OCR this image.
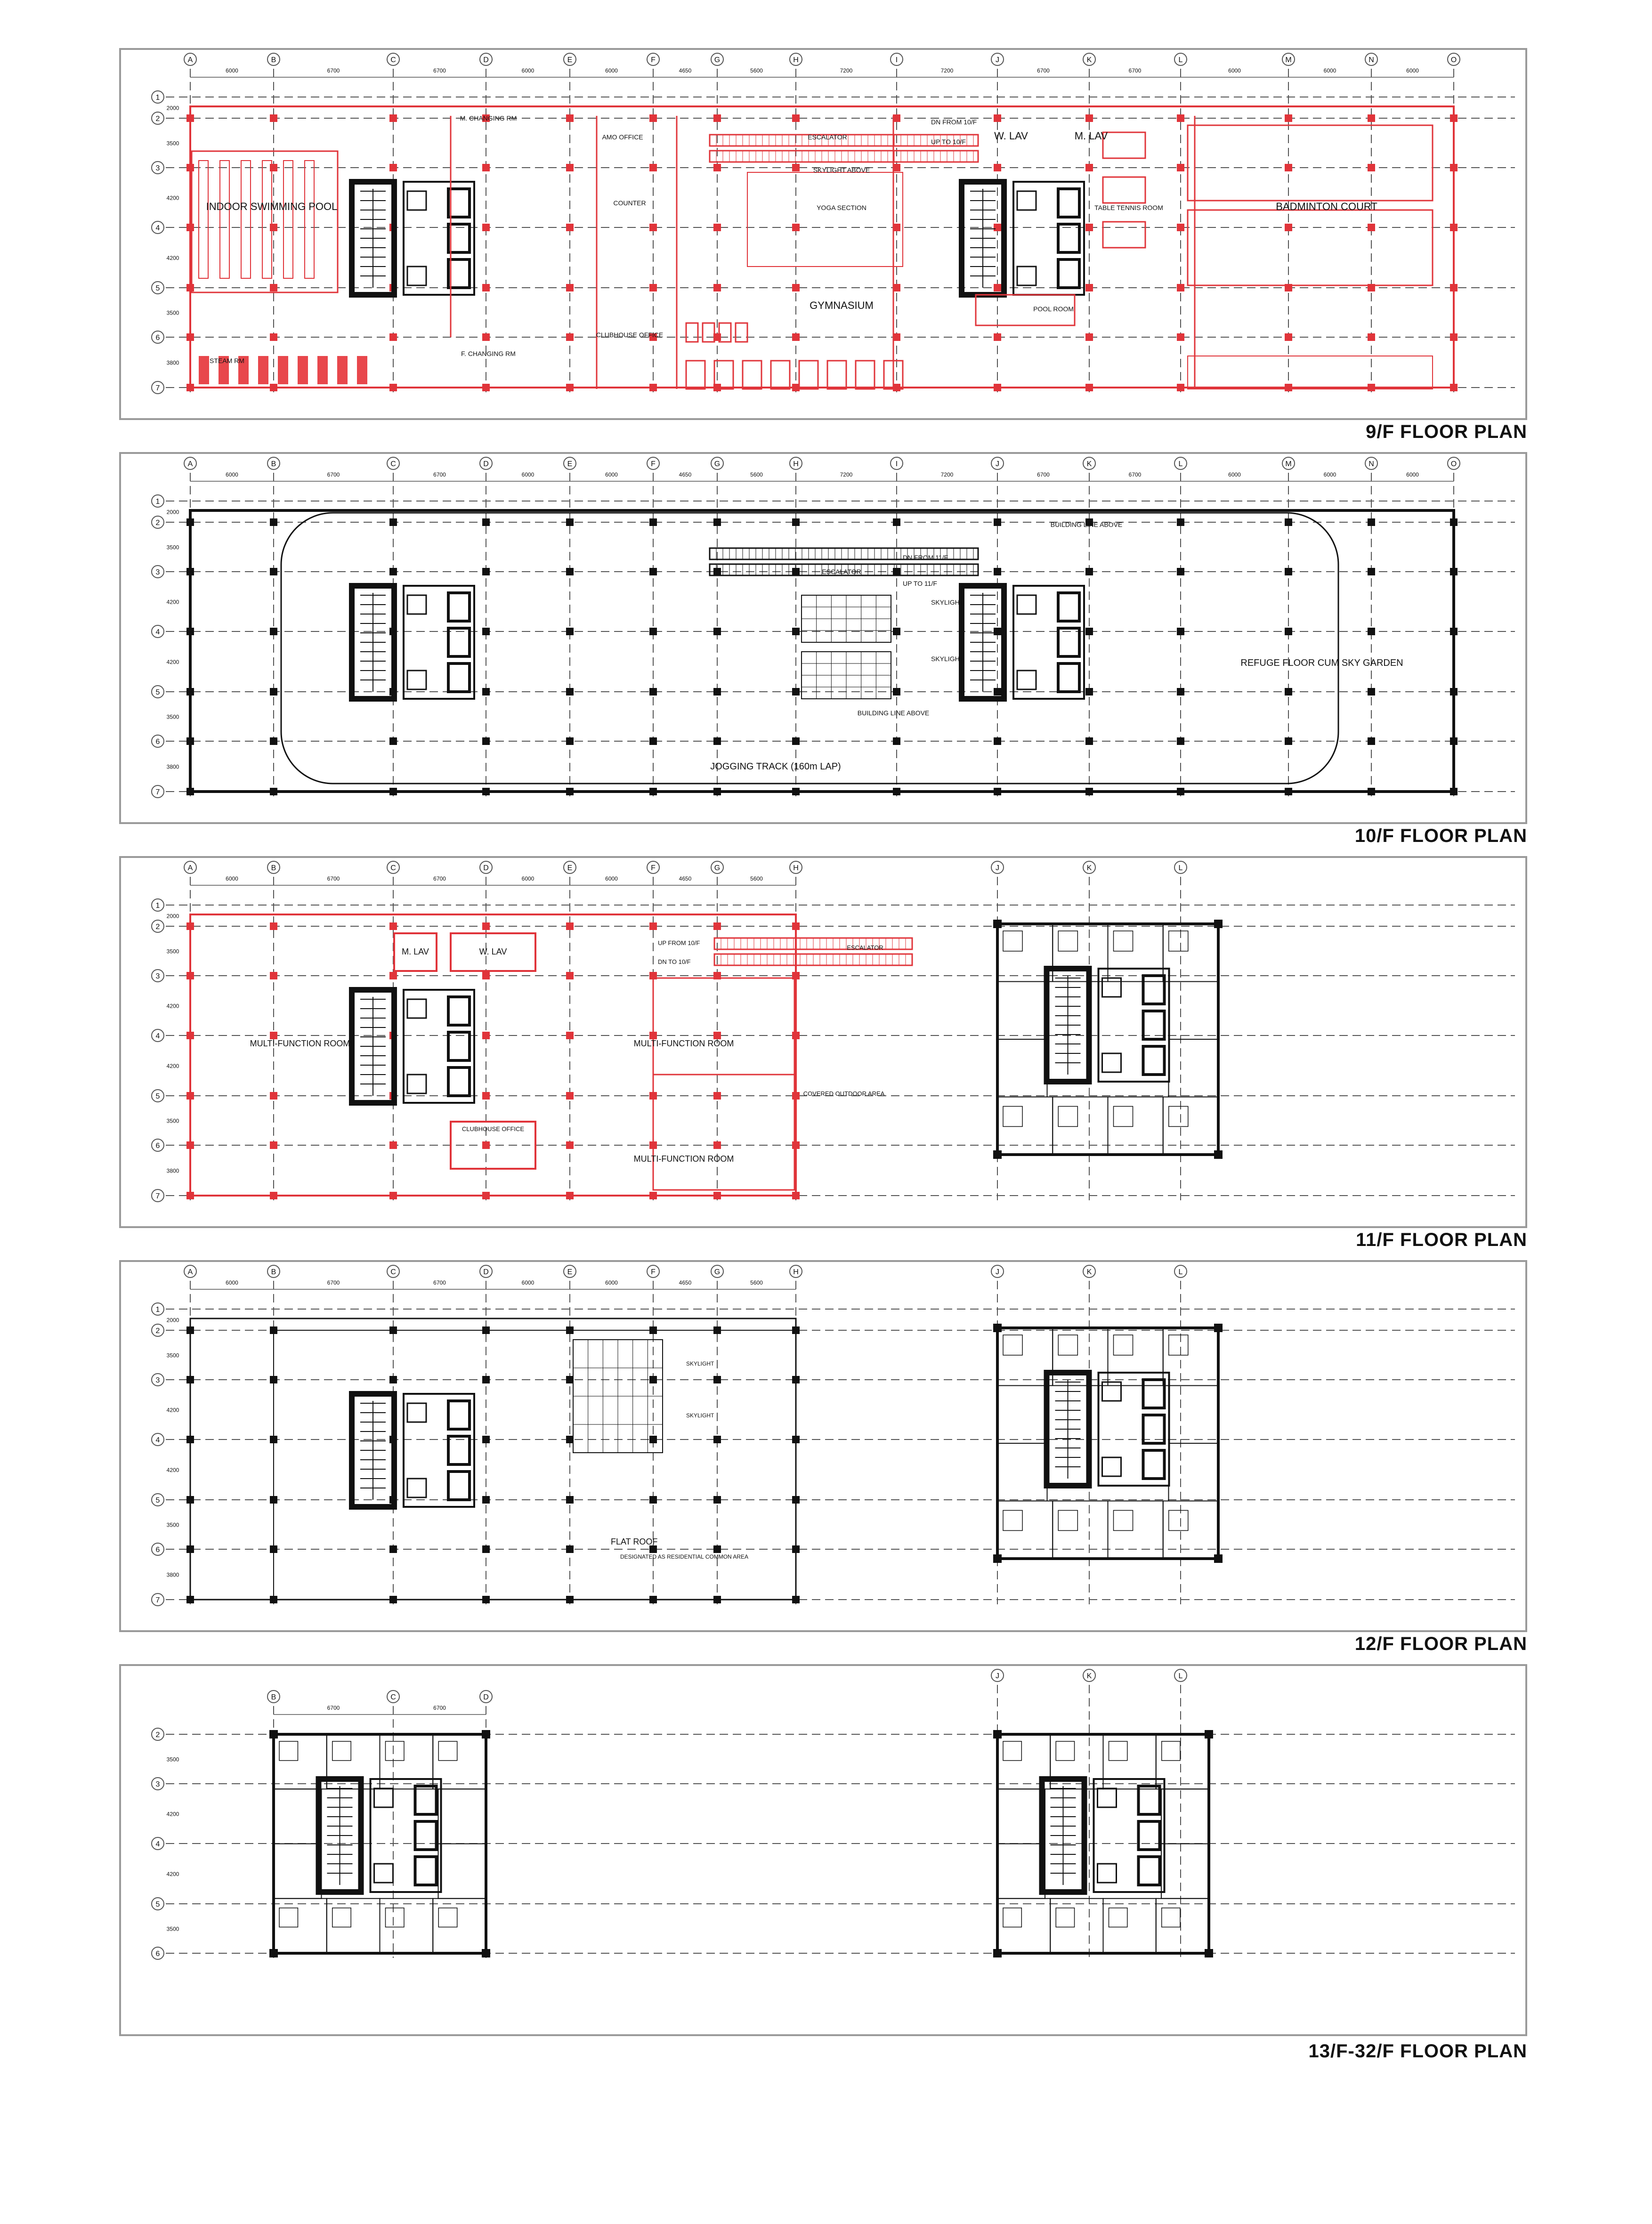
1
2000
2
3500
3
4200
4
4200
5
3500
6
3800
7
A
6000
B
6700
C
6700
D
6000
E
6000
F
4650
G
5600
H
7200
I
7200
J
6700
K
6700
L
6000
M
6000
N
6000
O
M. CHANGING RM
AMO OFFICE	ESCALATOR
DN FROM 10/F
UP TO 10/F	W. LAV	M. LAV
SKYLIGHT ABOVE
INDOOR SWIMMING POOL	YOGA SECTION
COUNTER
TABLE TENNIS ROOM	BADMINTON COURT
GYMNASIUM	POOL ROOM
CLUBHOUSE OFFICE
STEAM RM
F. CHANGING RM
9/F FLOOR PLAN
1
2000
2
3500
3
4200
4
4200
5
3500
6
3800
7
A
6000
B
6700
C
6700
D
6000
E
6000
F
4650
G
5600
H
7200
I
7200
J
6700
K
6700
L
6000
M
6000
N
6000
O
BUILDING LINE ABOVE
DN FROM 11/F
ESCALATOR
UP TO 11/F
SKYLIGHT
SKYLIGHT	REFUGE FLOOR CUM SKY GARDEN
BUILDING LINE ABOVE
JOGGING TRACK (160m LAP)
10/F FLOOR PLAN
1
2000
2
3500
3
4200
4
4200
5
3500
6
3800
7
A
6000
B
6700
C
6700
D
6000
E
6000
F
4650
G
5600
H	J	K	L
M. LAV	W. LAV
UP FROM 10/F
DN TO 10/F
ESCALATOR
MULTI-FUNCTION ROOM
MULTI-FUNCTION ROOM
COVERED OUTDOOR AREA
CLUBHOUSE OFFICE
MULTI-FUNCTION ROOM
11/F FLOOR PLAN
1
2000
2
3500
3
4200
4
4200
5
3500
6
3800
7
A
6000
B
6700
C
6700
D
6000
E
6000
F
4650
G
5600
H	J	K	L
SKYLIGHT
SKYLIGHT
FLAT ROOF
DESIGNATED AS RESIDENTIAL COMMON AREA
12/F FLOOR PLAN
2
3500
3
4200
4
4200
5
3500
6
B
6700
C
6700
D
J	K	L
13/F-32/F FLOOR PLAN
